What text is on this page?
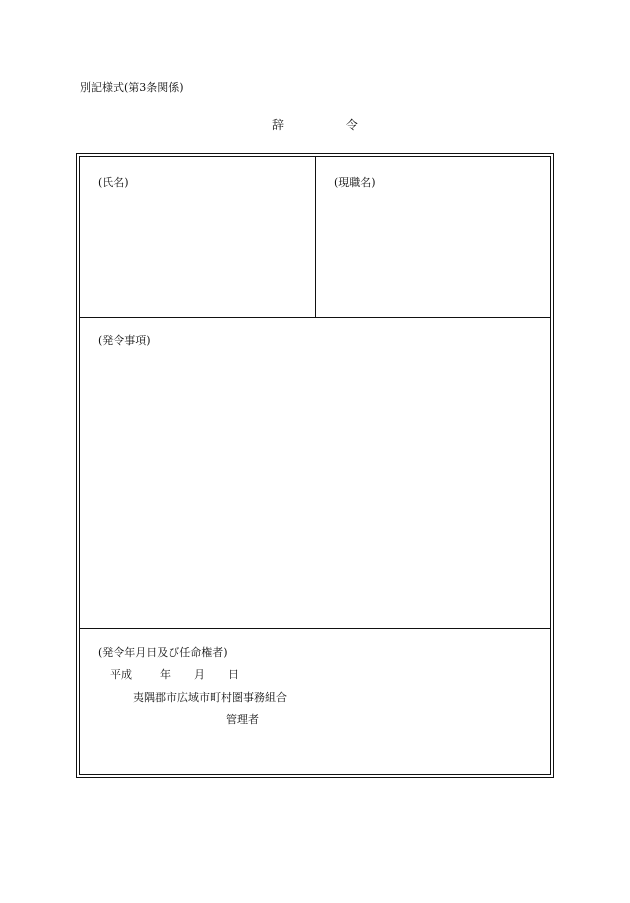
別記様式(第3条関係)
辞	令
(氏名)	(現職名)
(発令事項)
(発令年月日及び任命権者)
平成	年 月 日
夷隅郡市広域市町村圏事務組合
管理者
